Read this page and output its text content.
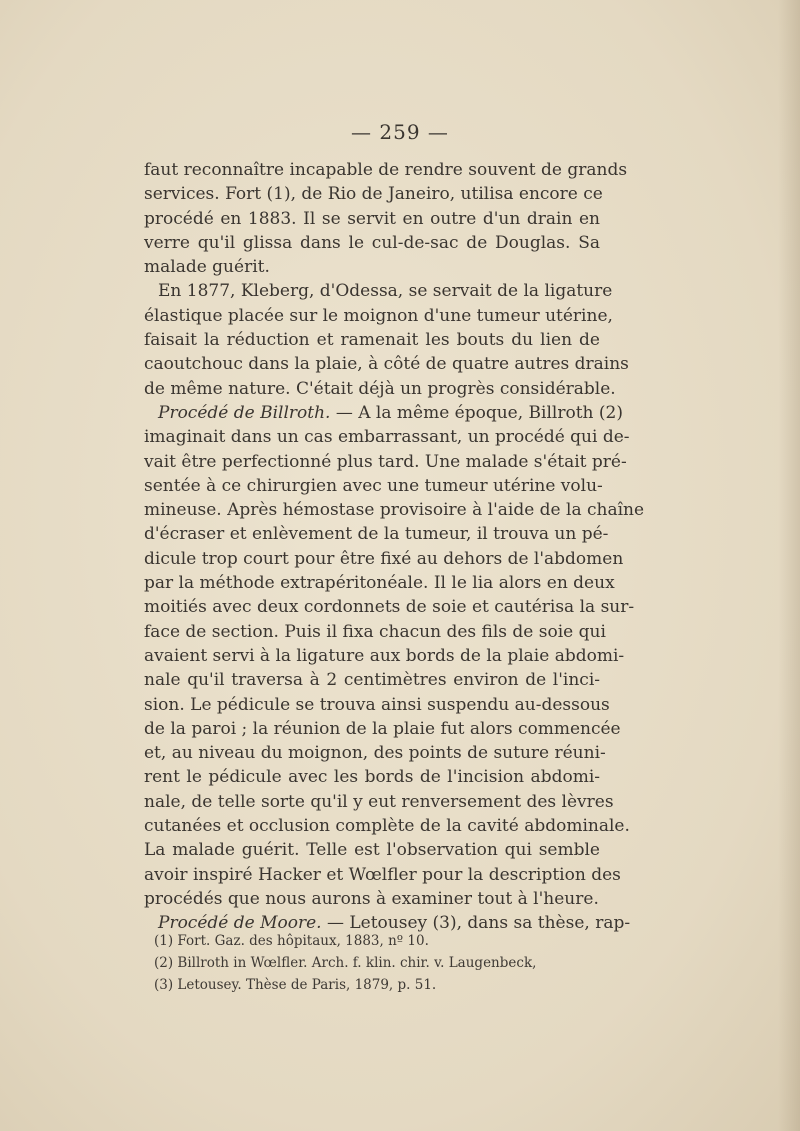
— 259 —
faut reconnaître incapable de rendre souvent de grands
services. Fort (1), de Rio de Janeiro, utilisa encore ce
procédé en 1883. Il se servit en outre d'un drain en
verre qu'il glissa dans le cul-de-sac de Douglas. Sa
malade guérit.
En 1877, Kleberg, d'Odessa, se servait de la ligature
élastique placée sur le moignon d'une tumeur utérine,
faisait la réduction et ramenait les bouts du lien de
caoutchouc dans la plaie, à côté de quatre autres drains
de même nature. C'était déjà un progrès considérable.
Procédé de Billroth. — A la même époque, Billroth (2)
imaginait dans un cas embarrassant, un procédé qui de-
vait être perfectionné plus tard. Une malade s'était pré-
sentée à ce chirurgien avec une tumeur utérine volu-
mineuse. Après hémostase provisoire à l'aide de la chaîne
d'écraser et enlèvement de la tumeur, il trouva un pé-
dicule trop court pour être fixé au dehors de l'abdomen
par la méthode extrapéritonéale. Il le lia alors en deux
moitiés avec deux cordonnets de soie et cautérisa la sur-
face de section. Puis il fixa chacun des fils de soie qui
avaient servi à la ligature aux bords de la plaie abdomi-
nale qu'il traversa à 2 centimètres environ de l'inci-
sion. Le pédicule se trouva ainsi suspendu au-dessous
de la paroi ; la réunion de la plaie fut alors commencée
et, au niveau du moignon, des points de suture réuni-
rent le pédicule avec les bords de l'incision abdomi-
nale, de telle sorte qu'il y eut renversement des lèvres
cutanées et occlusion complète de la cavité abdominale.
La malade guérit. Telle est l'observation qui semble
avoir inspiré Hacker et Wœlfler pour la description des
procédés que nous aurons à examiner tout à l'heure.
Procédé de Moore. — Letousey (3), dans sa thèse, rap-
(1) Fort. Gaz. des hôpitaux, 1883, nº 10.
(2) Billroth in Wœlfler. Arch. f. klin. chir. v. Laugenbeck,
(3) Letousey. Thèse de Paris, 1879, p. 51.
